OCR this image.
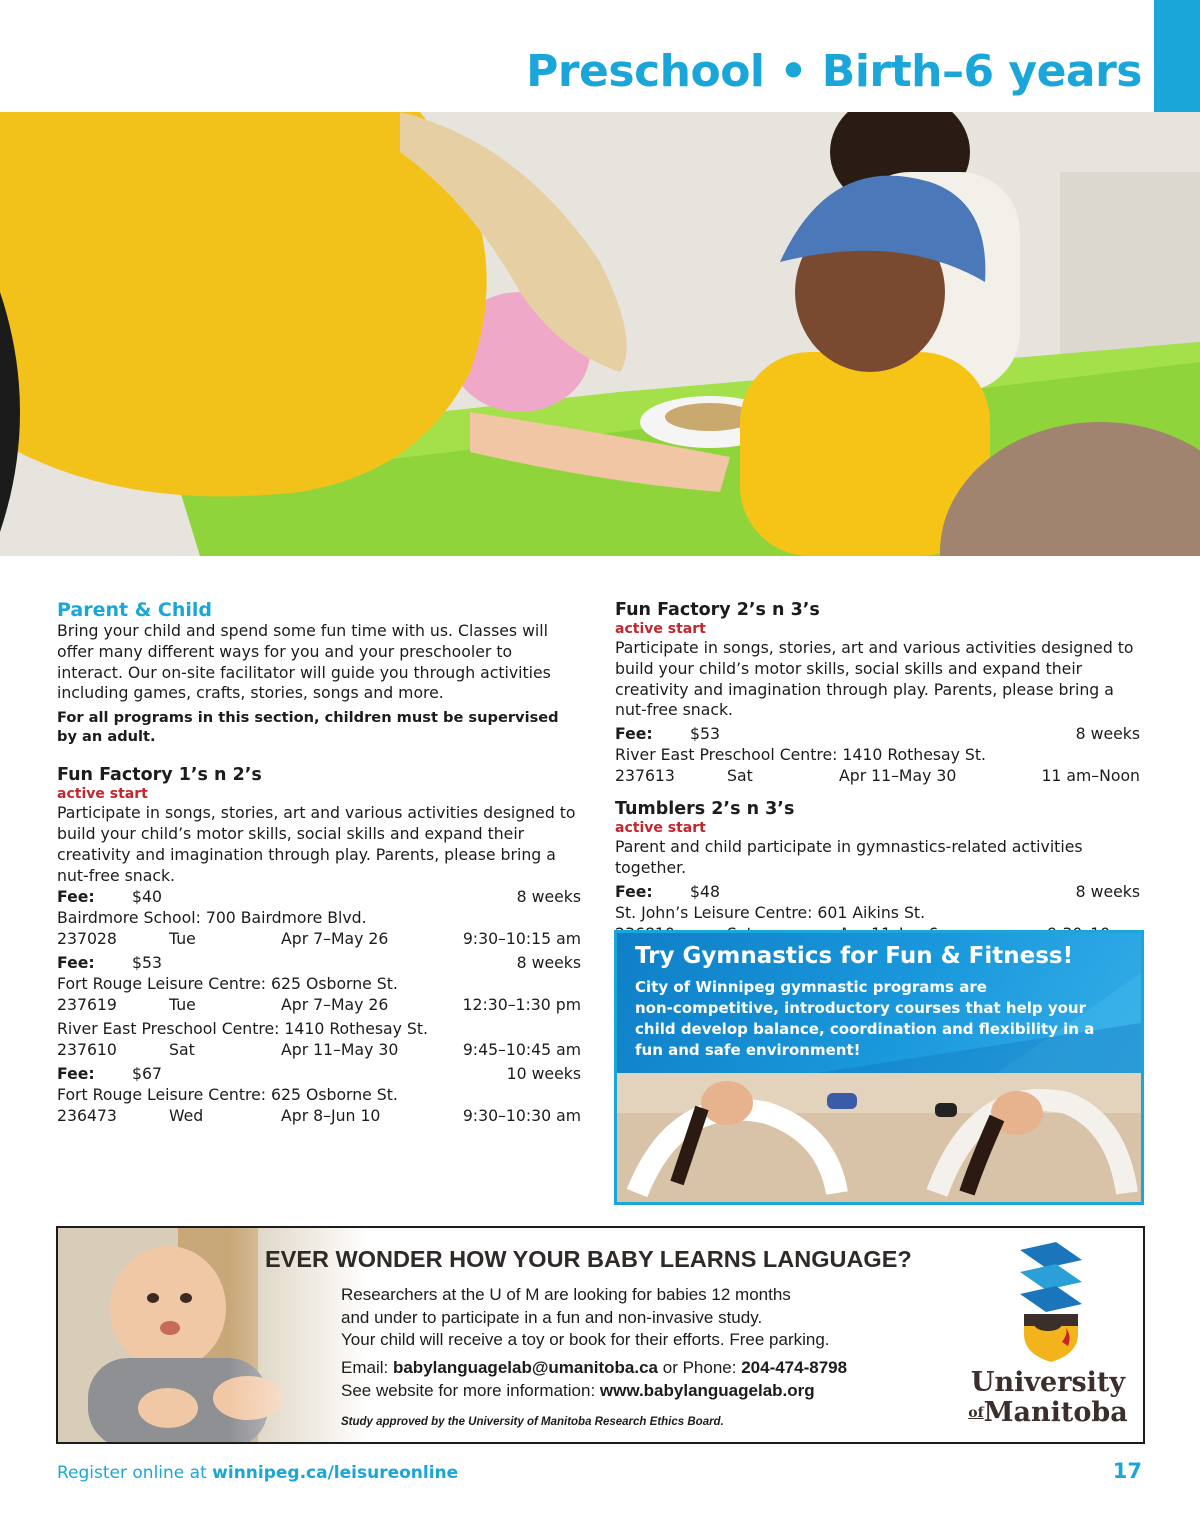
Preschool • Birth–6 years
Parent & Child

Bring your child and spend some fun time with us. Classes will offer many different ways for you and your preschooler to interact. Our on-site facilitator will guide you through activities including games, crafts, stories, songs and more.

For all programs in this section, children must be supervised by an adult.

Fun Factory 1’s n 2’s
active start

Participate in songs, stories, art and various activities designed to build your child’s motor skills, social skills and expand their creativity and imagination through play. Parents, please bring a nut-free snack.

Fee:	$40	8 weeks
Bairdmore School: 700 Bairdmore Blvd.
237028	Tue	Apr 7–May 26	9:30–10:15 am
Fee:	$53	8 weeks
Fort Rouge Leisure Centre: 625 Osborne St.
237619	Tue	Apr 7–May 26	12:30–1:30 pm
River East Preschool Centre: 1410 Rothesay St.
237610	Sat	Apr 11–May 30	9:45–10:45 am
Fee:	$67	10 weeks
Fort Rouge Leisure Centre: 625 Osborne St.
236473	Wed	Apr 8–Jun 10	9:30–10:30 am
Fun Factory 2’s n 3’s
active start

Participate in songs, stories, art and various activities designed to build your child’s motor skills, social skills and expand their creativity and imagination through play. Parents, please bring a nut-free snack.

Fee:	$53	8 weeks
River East Preschool Centre: 1410 Rothesay St.
237613	Sat	Apr 11–May 30	11 am–Noon
Tumblers 2’s n 3’s
active start

Parent and child participate in gymnastics-related activities together.

Fee:	$48	8 weeks
St. John’s Leisure Centre: 601 Aikins St.
Try Gymnastics for Fun & Fitness!
City of Winnipeg gymnastic programs are
non-competitive, introductory courses that help your
child develop balance, coordination and flexibility in a
fun and safe environment!
EVER WONDER HOW YOUR BABY LEARNS LANGUAGE?
Researchers at the U of M are looking for babies 12 months
and under to participate in a fun and non-invasive study.
Your child will receive a toy or book for their efforts. Free parking.
Email: babylanguagelab@umanitoba.ca or Phone: 204-474-8798
See website for more information: www.babylanguagelab.org
Study approved by the University of Manitoba Research Ethics Board.
University
ofManitoba
Register online at winnipeg.ca/leisureonline	17
